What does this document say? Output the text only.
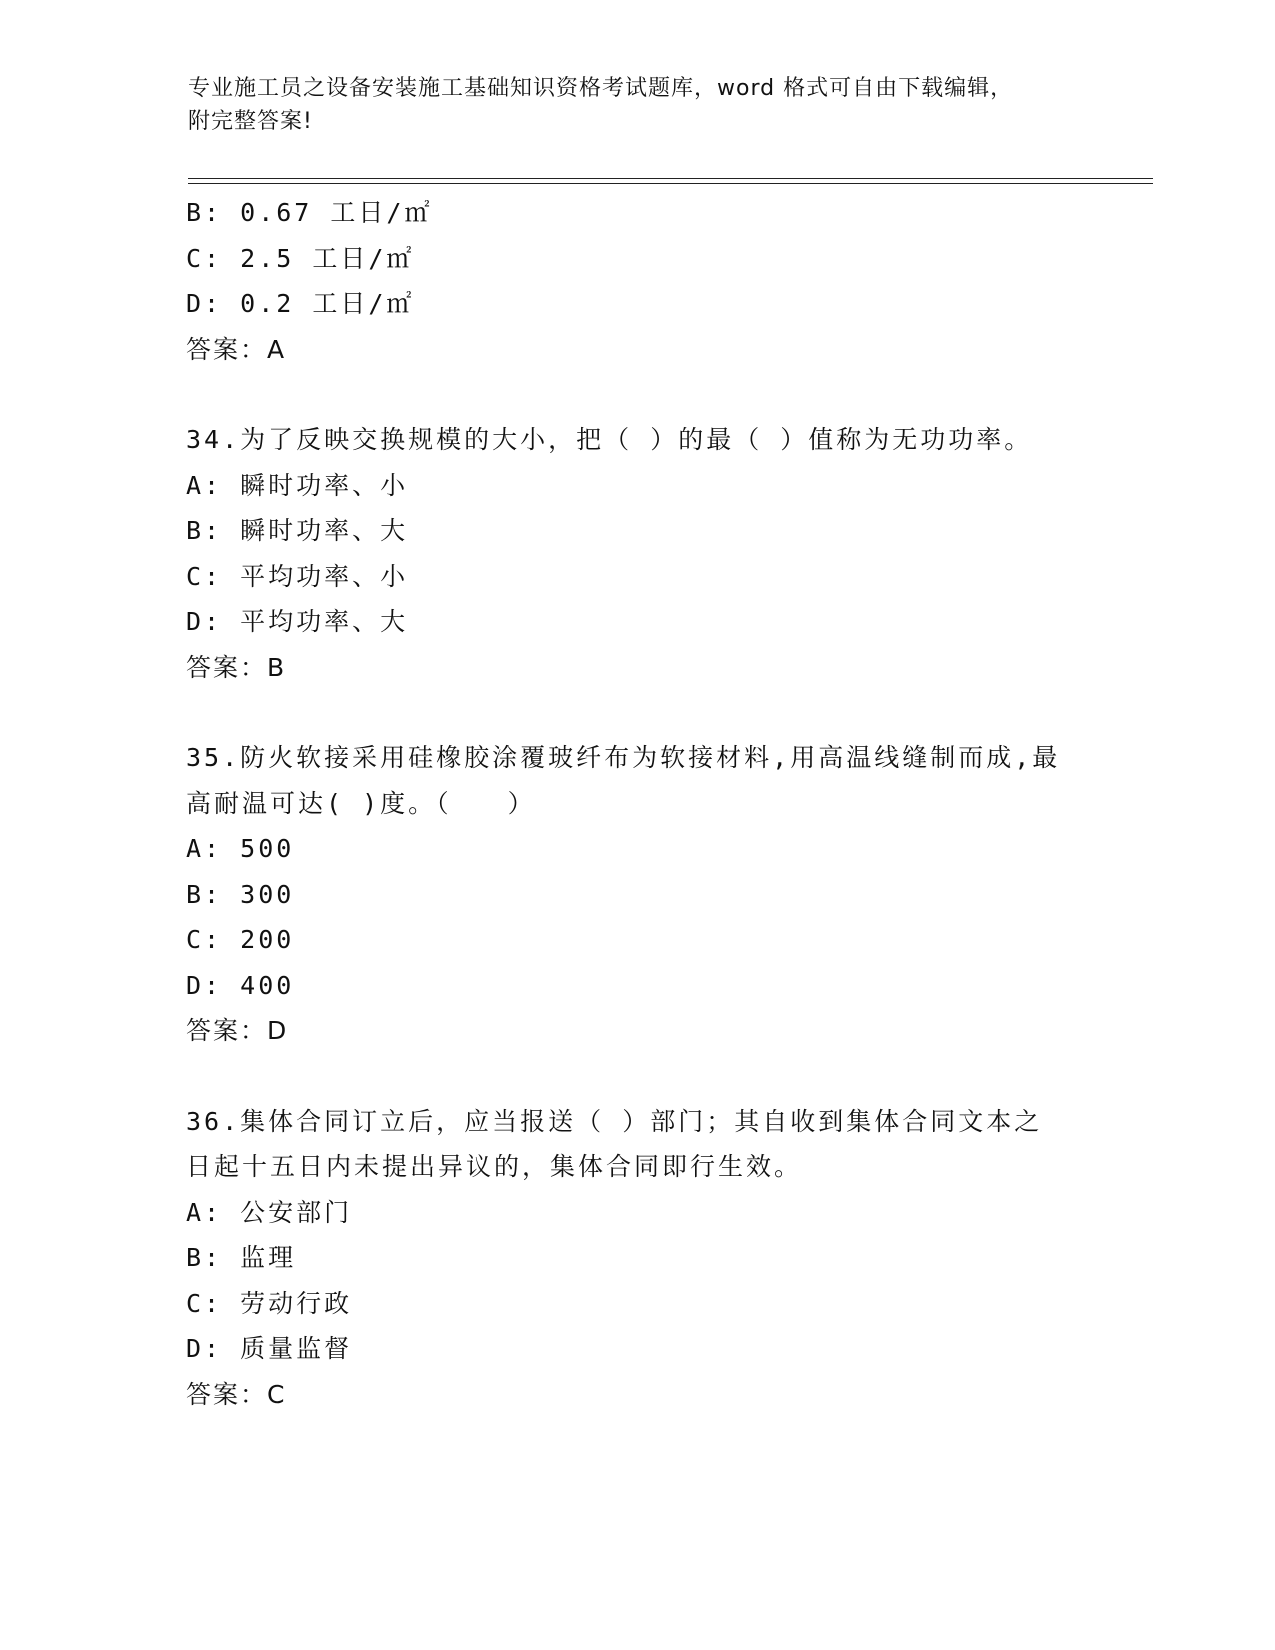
专业施工员之设备安装施工基础知识资格考试题库，word 格式可自由下载编辑，
附完整答案!
B: 0.67 工日/㎡
C: 2.5 工日/㎡
D: 0.2 工日/㎡
答案：A
34.为了反映交换规模的大小，把（ ）的最（ ）值称为无功功率。
A: 瞬时功率、小
B: 瞬时功率、大
C: 平均功率、小
D: 平均功率、大
答案：B
35.防火软接采用硅橡胶涂覆玻纤布为软接材料,用高温线缝制而成,最
高耐温可达( )度。（　　）
A: 500
B: 300
C: 200
D: 400
答案：D
36.集体合同订立后，应当报送（ ）部门；其自收到集体合同文本之
日起十五日内未提出异议的，集体合同即行生效。
A: 公安部门
B: 监理
C: 劳动行政
D: 质量监督
答案：C
